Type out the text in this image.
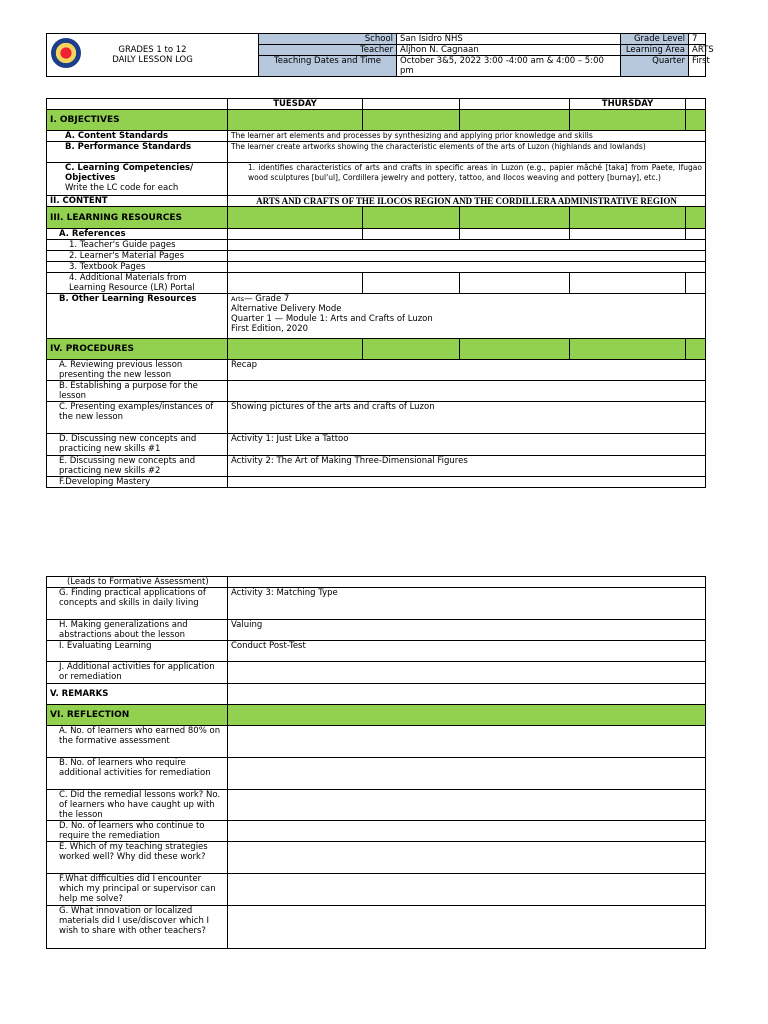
GRADES 1 to 12
DAILY LESSON LOG	School	San Isidro NHS	Grade Level	7
	Teacher	Aljhon N. Cagnaan	Learning Area	ARTS
	Teaching Dates and Time	October 3&5, 2022 3:00 -4:00 am & 4:00 – 5:00 pm	Quarter	First
	TUESDAY			THURSDAY	
I. OBJECTIVES					
A. Content Standards	The learner art elements and processes by synthesizing and applying prior knowledge and skills				
B. Performance Standards	The learner create artworks showing the characteristic elements of the arts of Luzon (highlands and lowlands)				

C. Learning Competencies/ Objectives
Write the LC code for each	1. identifies characteristics of arts and crafts in specific areas in Luzon (e.g., papier mâché [taka] from Paete, Ifugao wood sculptures [bul'ul], Cordillera jewelry and pottery, tattoo, and Ilocos weaving and pottery [burnay], etc.)				
II. CONTENT	ARTS AND CRAFTS OF THE ILOCOS REGION AND THE CORDILLERA ADMINISTRATIVE REGION				
III. LEARNING RESOURCES					
A. References					
1. Teacher's Guide pages					
2. Learner's Material Pages					
3. Textbook Pages					
4. Additional Materials from Learning Resource (LR) Portal					
B. Other Learning Resources	Arts— Grade 7
Alternative Delivery Mode
Quarter 1 — Module 1: Arts and Crafts of Luzon
First Edition, 2020				

IV. PROCEDURES					
A. Reviewing previous lesson presenting the new lesson	Recap				
B. Establishing a purpose for the lesson					
C. Presenting examples/instances of the new lesson	Showing pictures of the arts and crafts of Luzon				
D. Discussing new concepts and practicing new skills #1	Activity 1: Just Like a Tattoo				
E. Discussing new concepts and practicing new skills #2	Activity 2: The Art of Making Three-Dimensional Figures				
F.Developing Mastery					
(Leads to Formative Assessment)	
G. Finding practical applications of concepts and skills in daily living	Activity 3: Matching Type
H. Making generalizations and abstractions about the lesson	Valuing
I. Evaluating Learning	Conduct Post-Test
J. Additional activities for application or remediation	
V. REMARKS	
VI. REFLECTION	
A. No. of learners who earned 80% on the formative assessment	
B. No. of learners who require additional activities for remediation	
C. Did the remedial lessons work? No. of learners who have caught up with the lesson	
D. No. of learners who continue to require the remediation	
E. Which of my teaching strategies worked well? Why did these work?	
F.What difficulties did I encounter which my principal or supervisor can help me solve?	
G. What innovation or localized materials did I use/discover which I wish to share with other teachers?	
